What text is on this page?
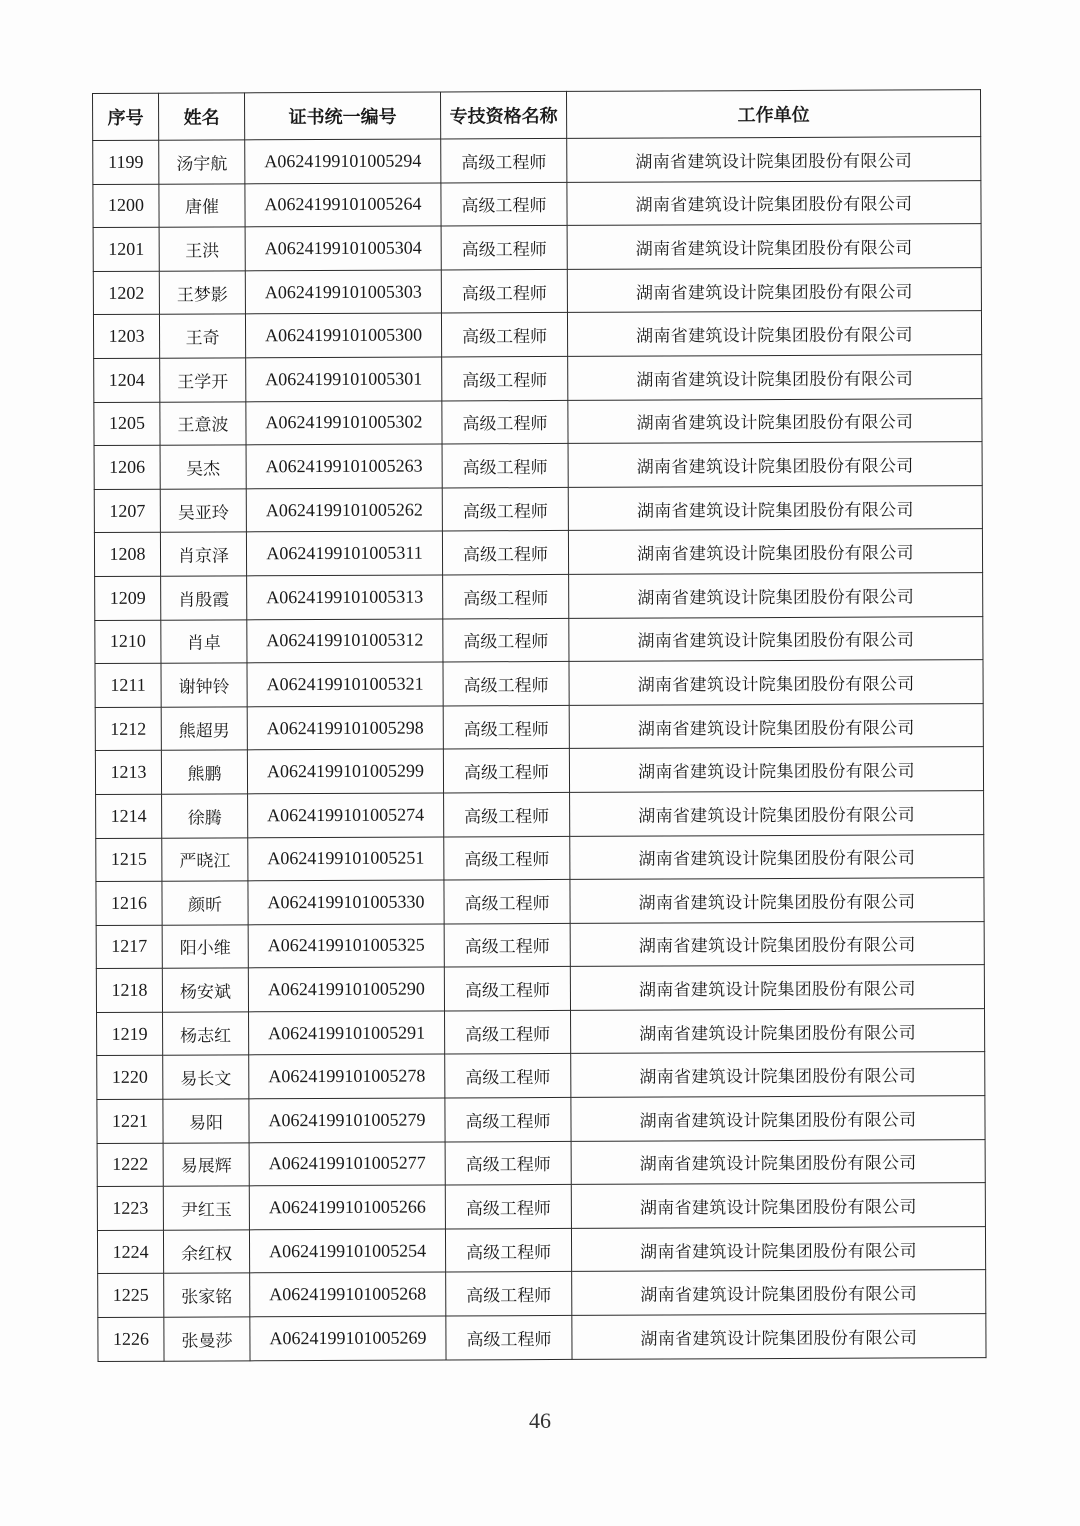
序号	姓名	证书统一编号	专技资格名称	工作单位
1199	汤宇航	A0624199101005294	高级工程师	湖南省建筑设计院集团股份有限公司
1200	唐催	A0624199101005264	高级工程师	湖南省建筑设计院集团股份有限公司
1201	王洪	A0624199101005304	高级工程师	湖南省建筑设计院集团股份有限公司
1202	王梦影	A0624199101005303	高级工程师	湖南省建筑设计院集团股份有限公司
1203	王奇	A0624199101005300	高级工程师	湖南省建筑设计院集团股份有限公司
1204	王学开	A0624199101005301	高级工程师	湖南省建筑设计院集团股份有限公司
1205	王意波	A0624199101005302	高级工程师	湖南省建筑设计院集团股份有限公司
1206	吴杰	A0624199101005263	高级工程师	湖南省建筑设计院集团股份有限公司
1207	吴亚玲	A0624199101005262	高级工程师	湖南省建筑设计院集团股份有限公司
1208	肖京泽	A0624199101005311	高级工程师	湖南省建筑设计院集团股份有限公司
1209	肖殷霞	A0624199101005313	高级工程师	湖南省建筑设计院集团股份有限公司
1210	肖卓	A0624199101005312	高级工程师	湖南省建筑设计院集团股份有限公司
1211	谢钟铃	A0624199101005321	高级工程师	湖南省建筑设计院集团股份有限公司
1212	熊超男	A0624199101005298	高级工程师	湖南省建筑设计院集团股份有限公司
1213	熊鹏	A0624199101005299	高级工程师	湖南省建筑设计院集团股份有限公司
1214	徐腾	A0624199101005274	高级工程师	湖南省建筑设计院集团股份有限公司
1215	严晓江	A0624199101005251	高级工程师	湖南省建筑设计院集团股份有限公司
1216	颜昕	A0624199101005330	高级工程师	湖南省建筑设计院集团股份有限公司
1217	阳小维	A0624199101005325	高级工程师	湖南省建筑设计院集团股份有限公司
1218	杨安斌	A0624199101005290	高级工程师	湖南省建筑设计院集团股份有限公司
1219	杨志红	A0624199101005291	高级工程师	湖南省建筑设计院集团股份有限公司
1220	易长文	A0624199101005278	高级工程师	湖南省建筑设计院集团股份有限公司
1221	易阳	A0624199101005279	高级工程师	湖南省建筑设计院集团股份有限公司
1222	易展辉	A0624199101005277	高级工程师	湖南省建筑设计院集团股份有限公司
1223	尹红玉	A0624199101005266	高级工程师	湖南省建筑设计院集团股份有限公司
1224	余红权	A0624199101005254	高级工程师	湖南省建筑设计院集团股份有限公司
1225	张家铭	A0624199101005268	高级工程师	湖南省建筑设计院集团股份有限公司
1226	张曼莎	A0624199101005269	高级工程师	湖南省建筑设计院集团股份有限公司
46
